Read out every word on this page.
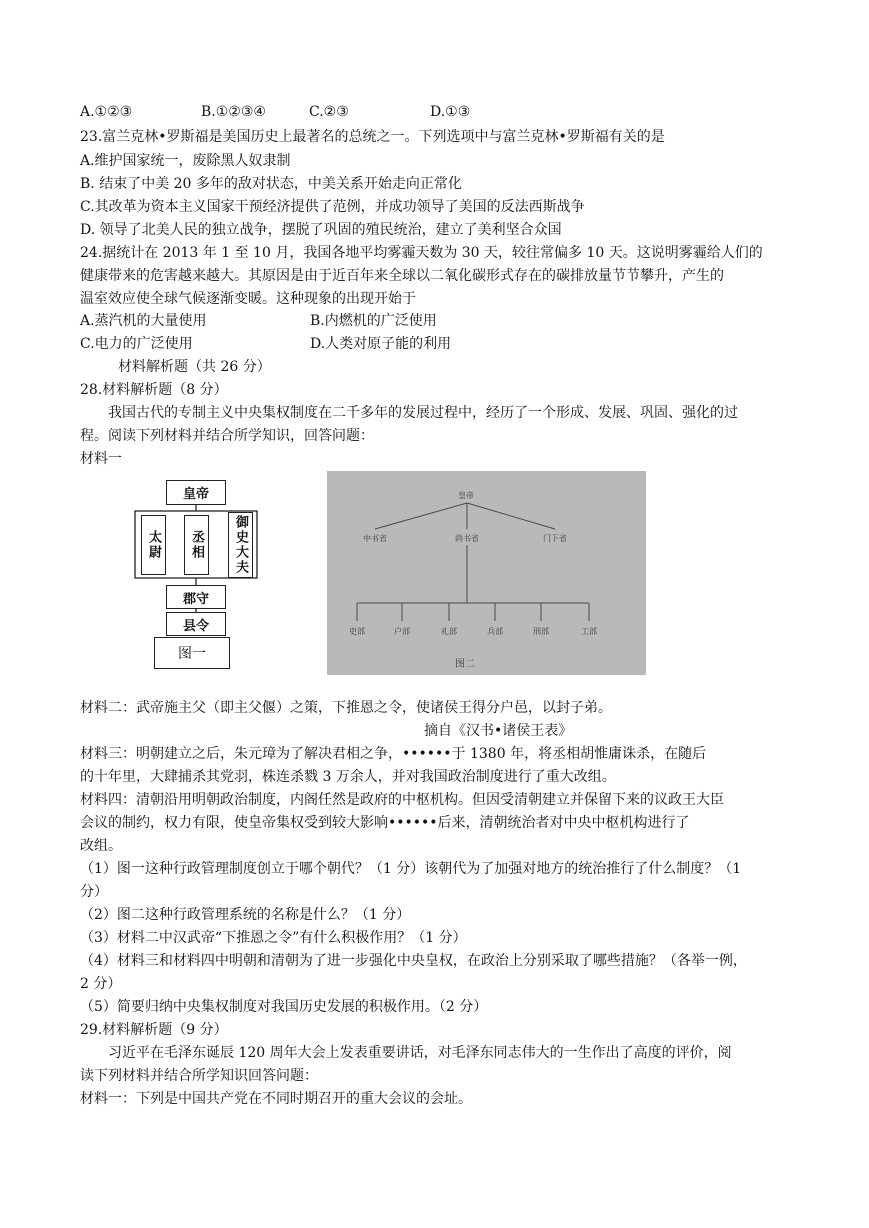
A.①②③	B.①②③④	C.②③	D.①③
23.富兰克林•罗斯福是美国历史上最著名的总统之一。下列选项中与富兰克林•罗斯福有关的是
A.维护国家统一，废除黑人奴隶制
B. 结束了中美 20 多年的敌对状态，中美关系开始走向正常化
C.其改革为资本主义国家干预经济提供了范例，并成功领导了美国的反法西斯战争
D. 领导了北美人民的独立战争，摆脱了巩固的殖民统治，建立了美利坚合众国
24.据统计在 2013 年 1 至 10 月，我国各地平均雾霾天数为 30 天，较往常偏多 10 天。这说明雾霾给人们的
健康带来的危害越来越大。其原因是由于近百年来全球以二氧化碳形式存在的碳排放量节节攀升，产生的
温室效应使全球气候逐渐变暖。这种现象的出现开始于
A.蒸汽机的大量使用	B.内燃机的广泛使用
C.电力的广泛使用	D.人类对原子能的利用
材料解析题（共 26 分）
28.材料解析题（8 分）
我国古代的专制主义中央集权制度在二千多年的发展过程中，经历了一个形成、发展、巩固、强化的过
程。阅读下列材料并结合所学知识，回答问题：
材料一
皇帝
太尉	丞相	御史大夫
郡守
县令
图一
皇帝
中书省	尚书省	门下省
吏部	户部	礼部	兵部	刑部	工部
图二
材料二：武帝施主父（即主父偃）之策，下推恩之令，使诸侯王得分户邑，以封子弟。
摘自《汉书•诸侯王表》
材料三：明朝建立之后，朱元璋为了解决君相之争，••••••于 1380 年，将丞相胡惟庸诛杀，在随后
的十年里，大肆捕杀其党羽，株连杀戮 3 万余人，并对我国政治制度进行了重大改组。
材料四：清朝沿用明朝政治制度，内阁任然是政府的中枢机构。但因受清朝建立并保留下来的议政王大臣
会议的制约，权力有限，使皇帝集权受到较大影响••••••后来，清朝统治者对中央中枢机构进行了
改组。
（1）图一这种行政管理制度创立于哪个朝代？（1 分）该朝代为了加强对地方的统治推行了什么制度？（1
分）
（2）图二这种行政管理系统的名称是什么？（1 分）
（3）材料二中汉武帝“下推恩之令”有什么积极作用？（1 分）
（4）材料三和材料四中明朝和清朝为了进一步强化中央皇权，在政治上分别采取了哪些措施？（各举一例，
2 分）
（5）简要归纳中央集权制度对我国历史发展的积极作用。（2 分）
29.材料解析题（9 分）
习近平在毛泽东诞辰 120 周年大会上发表重要讲话，对毛泽东同志伟大的一生作出了高度的评价，阅
读下列材料并结合所学知识回答问题：
材料一：下列是中国共产党在不同时期召开的重大会议的会址。
